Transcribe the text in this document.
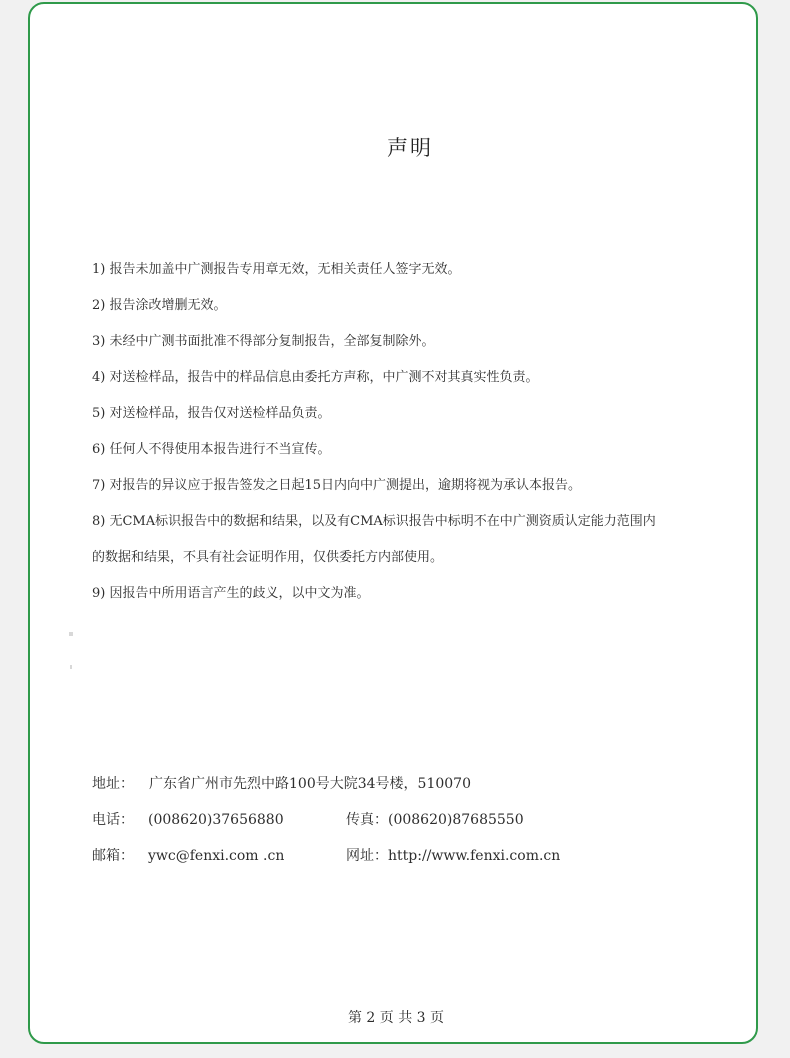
声明
1) 报告未加盖中广测报告专用章无效，无相关责任人签字无效。
2) 报告涂改增删无效。
3) 未经中广测书面批准不得部分复制报告，全部复制除外。
4) 对送检样品，报告中的样品信息由委托方声称，中广测不对其真实性负责。
5) 对送检样品，报告仅对送检样品负责。
6) 任何人不得使用本报告进行不当宣传。
7) 对报告的异议应于报告签发之日起15日内向中广测提出，逾期将视为承认本报告。
8) 无CMA标识报告中的数据和结果，以及有CMA标识报告中标明不在中广测资质认定能力范围内
的数据和结果，不具有社会证明作用，仅供委托方内部使用。
9) 因报告中所用语言产生的歧义，以中文为准。
地址： 广东省广州市先烈中路100号大院34号楼，510070
电话： (008620)37656880	传真：(008620)87685550
邮箱： ywc@fenxi.com .cn	网址：http://www.fenxi.com.cn
第 2 页 共 3 页
